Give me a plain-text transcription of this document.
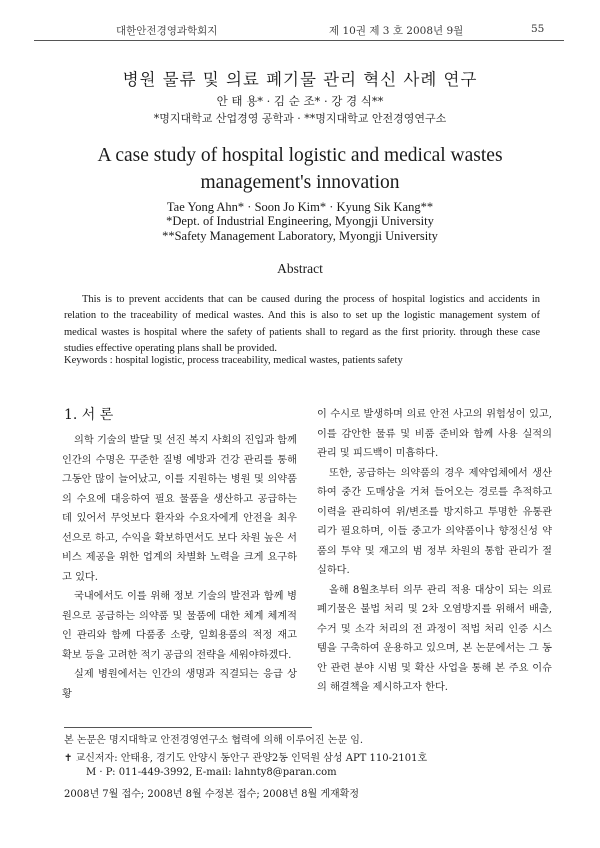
대한안전경영과학회지	제 10권 제 3 호 2008년 9월	55
병원 물류 및 의료 폐기물 관리 혁신 사례 연구
안 태 용* · 김 순 조* · 강 경 식**
*명지대학교 산업경영 공학과 · **명지대학교 안전경영연구소
A case study of hospital logistic and medical wastes
management's innovation
Tae Yong Ahn* · Soon Jo Kim* · Kyung Sik Kang**
*Dept. of Industrial Engineering, Myongji University
**Safety Management Laboratory, Myongji University
Abstract

This is to prevent accidents that can be caused during the process of hospital logistics and accidents in relation to the traceability of medical wastes. And this is also to set up the logistic management system of medical wastes is hospital where the safety of patients shall to regard as the first priority. through these case studies effective operating plans shall be provided.

Keywords : hospital logistic, process traceability, medical wastes, patients safety
1. 서 론

의학 기술의 발달 및 선진 복지 사회의 진입과 함께 인간의 수명은 꾸준한 질병 예방과 건강 관리를 통해 그동안 많이 늘어났고, 이를 지원하는 병원 및 의약품의 수요에 대응하여 필요 물품을 생산하고 공급하는데 있어서 무엇보다 환자와 수요자에게 안전을 최우선으로 하고, 수익을 확보하면서도 보다 차원 높은 서비스 제공을 위한 업계의 차별화 노력을 크게 요구하고 있다.

국내에서도 이를 위해 정보 기술의 발전과 함께 병원으로 공급하는 의약품 및 물품에 대한 체계 체계적인 관리와 함께 다품종 소량, 일회용품의 적정 재고 확보 등을 고려한 적기 공급의 전략을 세워야하겠다.

실제 병원에서는 인간의 생명과 직결되는 응급 상황

이 수시로 발생하며 의료 안전 사고의 위험성이 있고, 이를 감안한 물류 및 비품 준비와 함께 사용 실적의 관리 및 피드백이 미흡하다.

또한, 공급하는 의약품의 경우 제약업체에서 생산하여 중간 도매상을 거쳐 들어오는 경로를 추적하고 이력을 관리하여 위/변조를 방지하고 투명한 유통관리가 필요하며, 이들 중고가 의약품이나 향정신성 약품의 투약 및 재고의 범 정부 차원의 통합 관리가 절실하다.

올해 8월초부터 의무 관리 적용 대상이 되는 의료폐기물은 불법 처리 및 2차 오염방지를 위해서 배출, 수거 및 소각 처리의 전 과정이 적법 처리 인증 시스템을 구축하여 운용하고 있으며, 본 논문에서는 그 동안 관련 분야 시범 및 확산 사업을 통해 본 주요 이슈의 해결책을 제시하고자 한다.

본 논문은 명지대학교 안전경영연구소 협력에 의해 이루어진 논문 임.
✝ 교신저자: 안태용, 경기도 안양시 동안구 관양2동 인덕원 삼성 APT 110-2101호
M · P: 011-449-3992, E-mail: lahnty8@paran.com
2008년 7월 접수; 2008년 8월 수정본 접수; 2008년 8월 게재확정
